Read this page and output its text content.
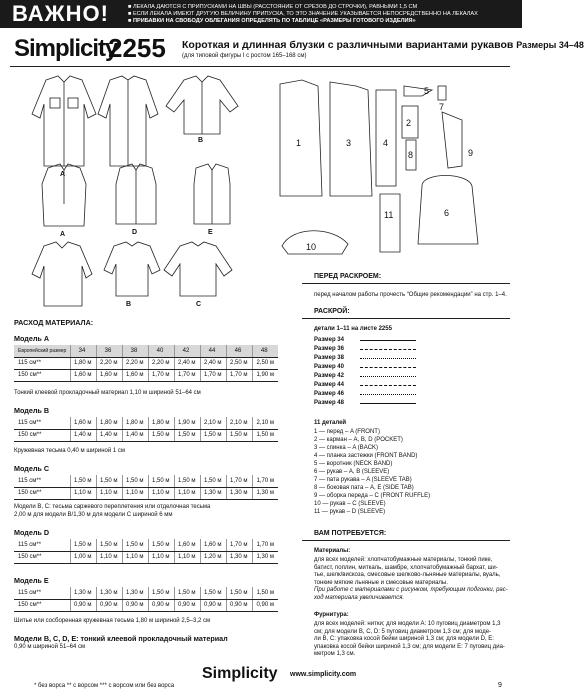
ВАЖНО!	■ ЛЕКАЛА ДАЮТСЯ С ПРИПУСКАМИ НА ШВЫ (РАССТОЯНИЕ ОТ СРЕЗОВ ДО СТРОЧКИ), РАВНЫМИ 1,5 СМ
■ ЕСЛИ ЛЕКАЛА ИМЕЮТ ДРУГУЮ ВЕЛИЧИНУ ПРИПУСКА, ТО ЭТО ЗНАЧЕНИЕ УКАЗЫВАЕТСЯ НЕПОСРЕДСТВЕННО НА ЛЕКАЛАХ
■ ПРИБАВКИ НА СВОБОДУ ОБЛЕГАНИЯ ОПРЕДЕЛЯТЬ ПО ТАБЛИЦЕ «РАЗМЕРЫ ГОТОВОГО ИЗДЕЛИЯ»
Simplicity
2255 Короткая и длинная блузки с различными вариантами рукавов Размеры 34–48
(для типовой фигуры I с ростом 165–168 см)
A
B
A	D	E
B	C
1
2
3	4
5
6
7
8	9
10
11
РАСХОД МАТЕРИАЛА:
Модель A
Европейский размер	34	36	38	40	42	44	46	48
115 см**	1,80 м	2,20 м	2,20 м	2,20 м	2,40 м	2,40 м	2,50 м	2,50 м
150 см**	1,60 м	1,60 м	1,60 м	1,70 м	1,70 м	1,70 м	1,70 м	1,90 м
Тонкий клеевой прокладочный материал 1,10 м шириной 51–64 см
Модель B
115 см**	1,60 м	1,80 м	1,80 м	1,80 м	1,90 м	2,10 м	2,10 м	2,10 м
150 см**	1,40 м	1,40 м	1,40 м	1,50 м	1,50 м	1,50 м	1,50 м	1,50 м
Кружевная тесьма 0,40 м шириной 1 см
Модель C
115 см**	1,50 м	1,50 м	1,50 м	1,50 м	1,50 м	1,50 м	1,70 м	1,70 м
150 см**	1,10 м	1,10 м	1,10 м	1,10 м	1,10 м	1,30 м	1,30 м	1,30 м
Модели B, C: тесьма саржевого переплетения или отделочная тесьма
2,00 м для модели B/1,30 м для модели C шириной 6 мм
Модель D
115 см**	1,50 м	1,50 м	1,50 м	1,50 м	1,60 м	1,60 м	1,70 м	1,70 м
150 см**	1,00 м	1,10 м	1,10 м	1,10 м	1,10 м	1,20 м	1,30 м	1,30 м
Модель E
115 см**	1,30 м	1,30 м	1,30 м	1,50 м	1,50 м	1,50 м	1,50 м	1,50 м
150 см**	0,90 м	0,90 м	0,90 м	0,90 м	0,90 м	0,90 м	0,90 м	0,90 м
Шитье или сосборенная кружевная тесьма 1,80 м шириной 2,5–3,2 см
Модели B, C, D, E: тонкий клеевой прокладочный материал
0,90 м шириной 51–64 см
* без ворса ** с ворсом *** с ворсом или без ворса
ПЕРЕД РАСКРОЕМ:
перед началом работы прочесть “Общие рекомендации” на стр. 1–4.
РАСКРОЙ:
детали 1–11 на листе 2255
Размер 34
Размер 36
Размер 38
Размер 40
Размер 42
Размер 44
Размер 46
Размер 48
11 деталей
1 — перед – A (FRONT)
2 — карман – A, B, D (POCKET)
3 — спинка – A (BACK)
4 — планка застежки (FRONT BAND)
5 — воротник (NECK BAND)
6 — рукав – A, B (SLEEVE)
7 — пата рукава – A (SLEEVE TAB)
8 — боковая пата – A, E (SIDE TAB)
9 — оборка переда – C (FRONT RUFFLE)
10 — рукав – C (SLEEVE)
11 — рукав – D (SLEEVE)
ВАМ ПОТРЕБУЕТСЯ:
Материалы:
для всех моделей: хлопчатобумажные материалы, тонкий пике,
батист, поплин, миткаль, шамбре, хлопчатобумажный бархат, ши-
тье, шелк/вискоза, смесовые шелково-льняные материалы, вуаль,
тонкие мягкие льняные и смесовые материалы.
При работе с материалами с рисунком, требующим подгонки, рас-
ход материала увеличивается.
Фурнитура:
для всех моделей: нитки; для модели A: 10 пуговиц диаметром 1,3
см; для модели B, C, D: 5 пуговиц диаметром 1,3 см; для моде-
ли B, C: упаковка косой бейки шириной 1,3 см; для модели D, E:
упаковка косой бейки шириной 1,3 см; для модели E: 7 пуговиц диа-
метром 1,3 см.
Simplicity www.simplicity.com
9
